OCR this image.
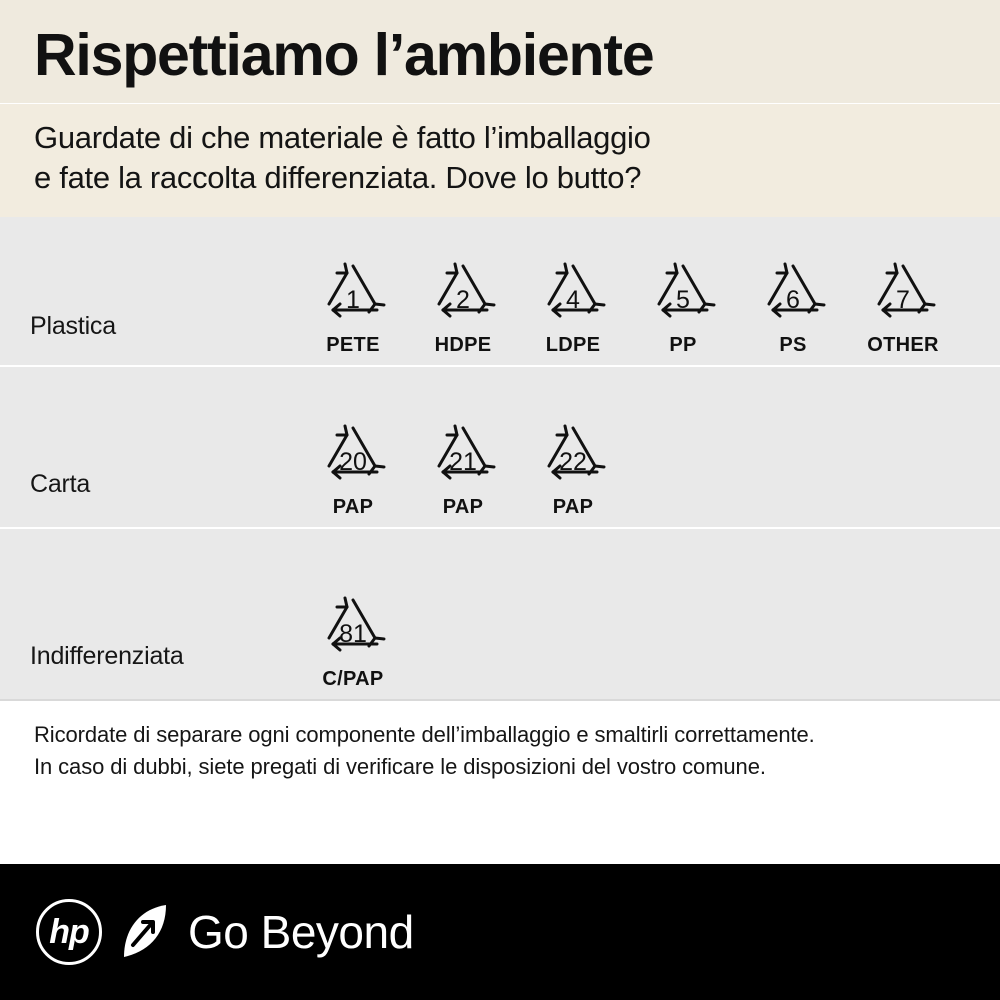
Rispettiamo l’ambiente

Guardate di che materiale è fatto l’imballaggio

e fate la raccolta differenziata. Dove lo butto?

Plastica
1
PETE
2
HDPE
4
LDPE
5
PP
6
PS
7
OTHER
Carta
20
PAP
21
PAP
22
PAP
Indifferenziata
81
C/PAP

Ricordate di separare ogni componente dell’imballaggio e smaltirli correttamente.

In caso di dubbi, siete pregati di verificare le disposizioni del vostro comune.

hp Go Beyond
